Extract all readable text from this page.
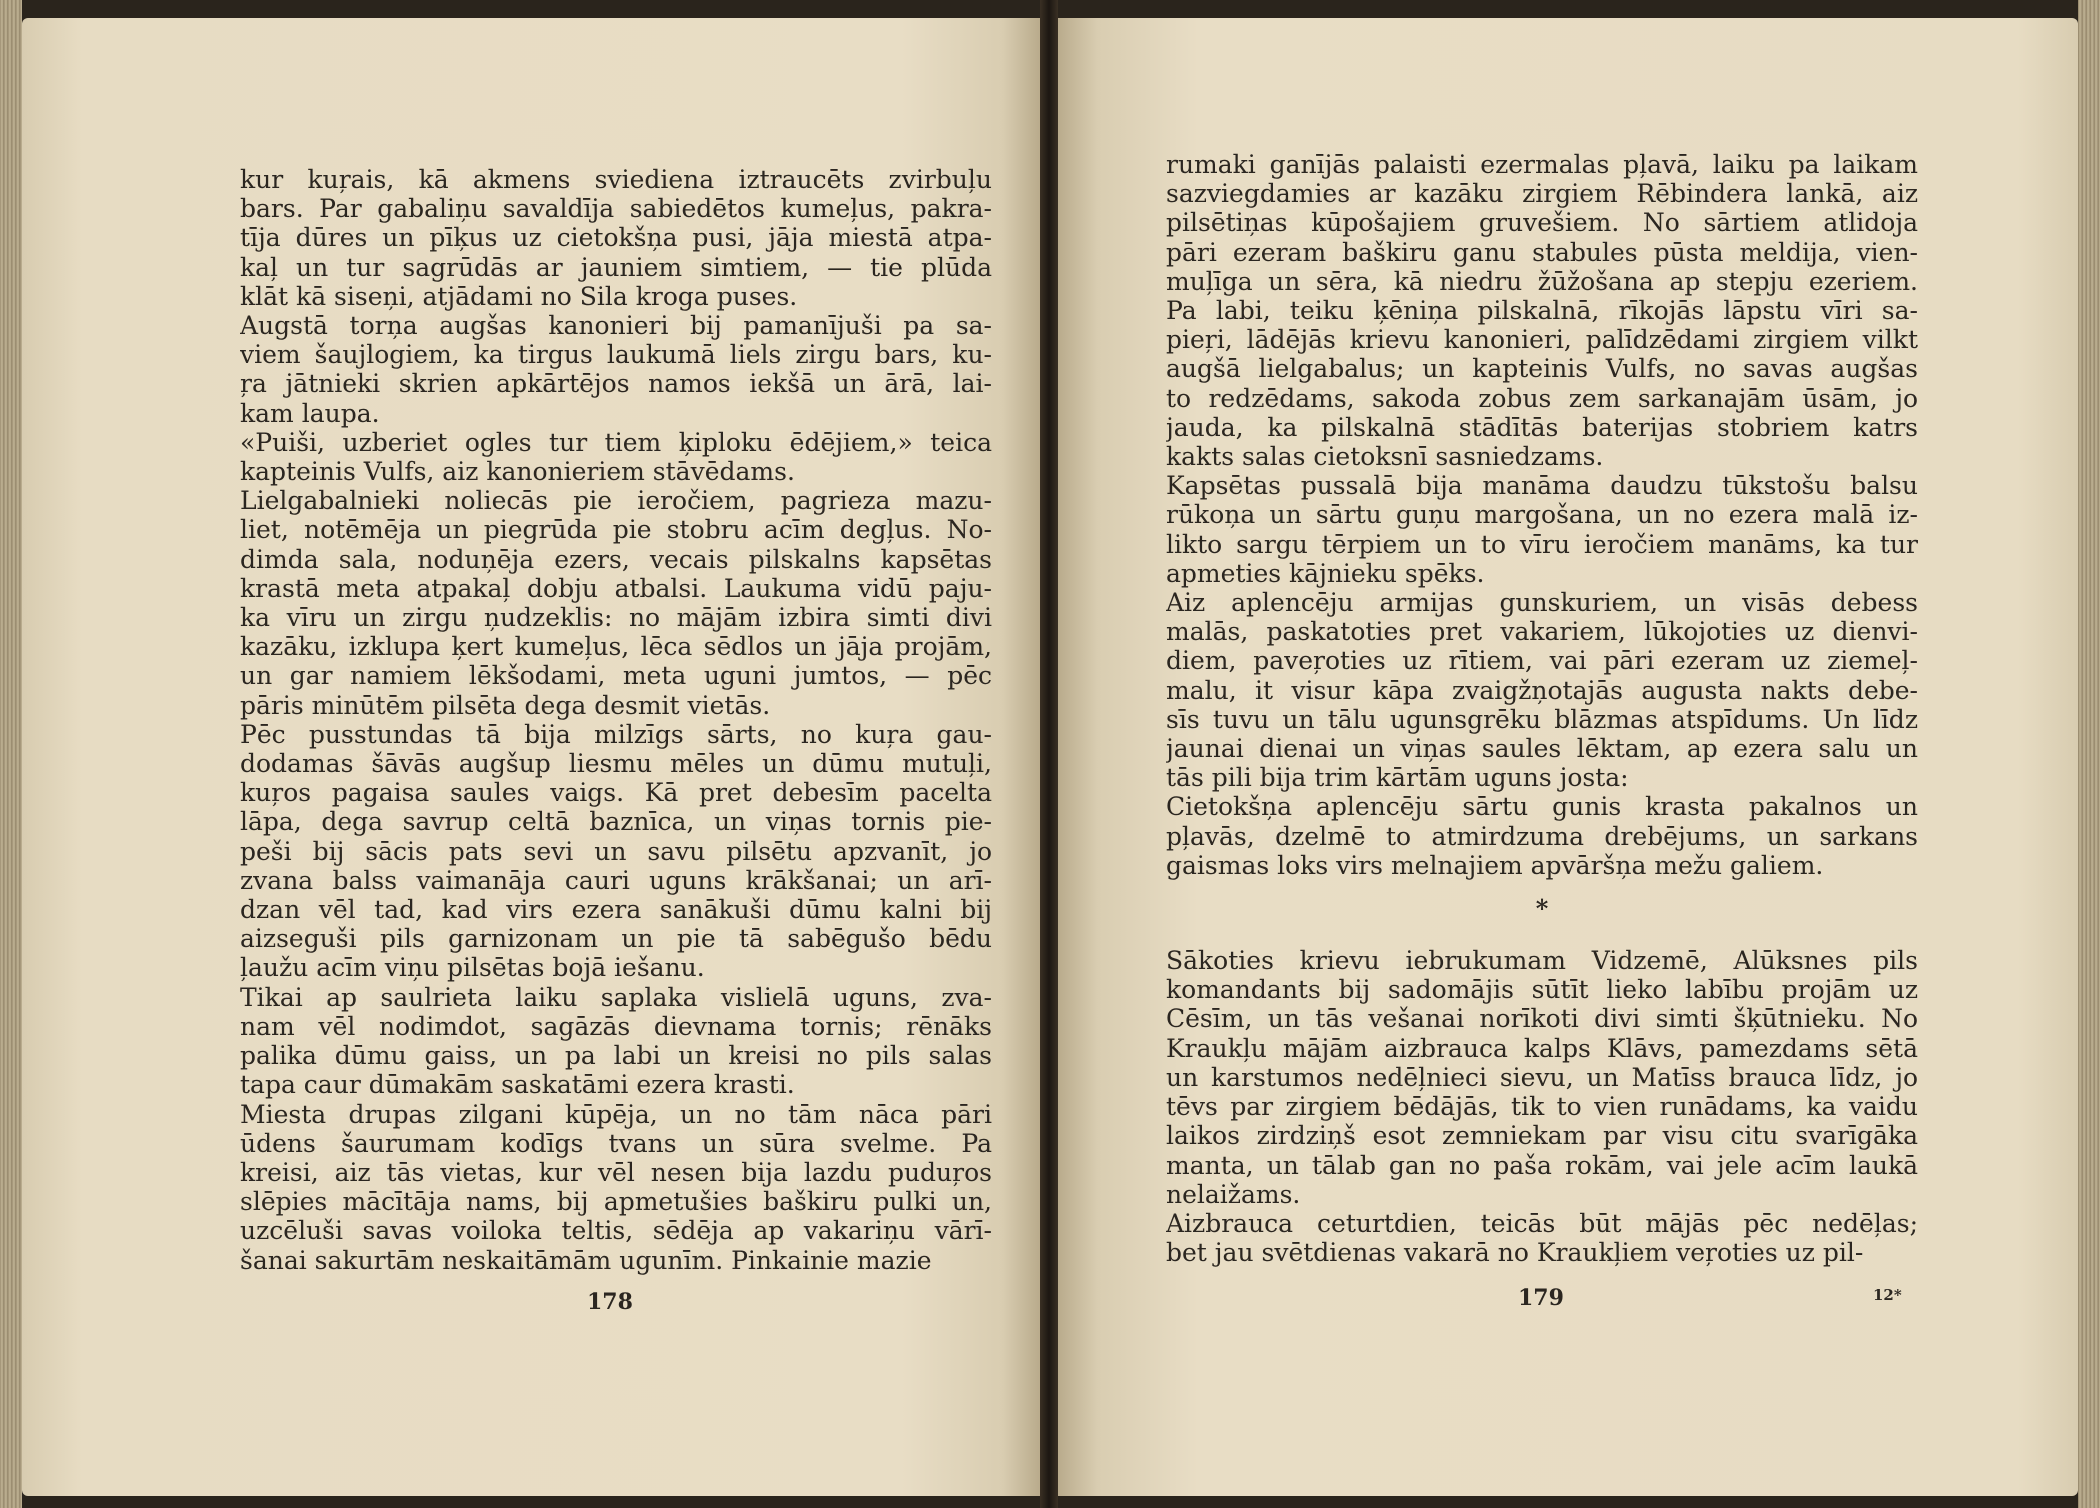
kur kuŗais, kā akmens sviediena iztraucēts zvirbuļu
bars. Par gabaliņu savaldīja sabiedētos kumeļus, pakra-
tīja dūres un pīķus uz cietokšņa pusi, jāja miestā atpa-
kaļ un tur sagrūdās ar jauniem simtiem, — tie plūda
klāt kā siseņi, atjādami no Sila kroga puses.
Augstā torņa augšas kanonieri bij pamanījuši pa sa-
viem šaujlogiem, ka tirgus laukumā liels zirgu bars, ku-
ŗa jātnieki skrien apkārtējos namos iekšā un ārā, lai-
kam laupa.
«Puiši, uzberiet ogles tur tiem ķiploku ēdējiem,» teica
kapteinis Vulfs, aiz kanonieriem stāvēdams.
Lielgabalnieki noliecās pie ieročiem, pagrieza mazu-
liet, notēmēja un piegrūda pie stobru acīm degļus. No-
dimda sala, noduņēja ezers, vecais pilskalns kapsētas
krastā meta atpakaļ dobju atbalsi. Laukuma vidū paju-
ka vīru un zirgu ņudzeklis: no mājām izbira simti divi
kazāku, izklupa ķert kumeļus, lēca sēdlos un jāja projām,
un gar namiem lēkšodami, meta uguni jumtos, — pēc
pāris minūtēm pilsēta dega desmit vietās.
Pēc pusstundas tā bija milzīgs sārts, no kuŗa gau-
dodamas šāvās augšup liesmu mēles un dūmu mutuļi,
kuŗos pagaisa saules vaigs. Kā pret debesīm pacelta
lāpa, dega savrup celtā baznīca, un viņas tornis pie-
peši bij sācis pats sevi un savu pilsētu apzvanīt, jo
zvana balss vaimanāja cauri uguns krākšanai; un arī-
dzan vēl tad, kad virs ezera sanākuši dūmu kalni bij
aizseguši pils garnizonam un pie tā sabēgušo bēdu
ļaužu acīm viņu pilsētas bojā iešanu.
Tikai ap saulrieta laiku saplaka vislielā uguns, zva-
nam vēl nodimdot, sagāzās dievnama tornis; rēnāks
palika dūmu gaiss, un pa labi un kreisi no pils salas
tapa caur dūmakām saskatāmi ezera krasti.
Miesta drupas zilgani kūpēja, un no tām nāca pāri
ūdens šaurumam kodīgs tvans un sūra svelme. Pa
kreisi, aiz tās vietas, kur vēl nesen bija lazdu puduŗos
slēpies mācītāja nams, bij apmetušies baškiru pulki un,
uzcēluši savas voiloka teltis, sēdēja ap vakariņu vārī-
šanai sakurtām neskaitāmām ugunīm. Pinkainie mazie
178
rumaki ganījās palaisti ezermalas pļavā, laiku pa laikam
sazviegdamies ar kazāku zirgiem Rēbindera lankā, aiz
pilsētiņas kūpošajiem gruvešiem. No sārtiem atlidoja
pāri ezeram baškiru ganu stabules pūsta meldija, vien-
muļīga un sēra, kā niedru žūžošana ap stepju ezeriem.
Pa labi, teiku ķēniņa pilskalnā, rīkojās lāpstu vīri sa-
pieŗi, lādējās krievu kanonieri, palīdzēdami zirgiem vilkt
augšā lielgabalus; un kapteinis Vulfs, no savas augšas
to redzēdams, sakoda zobus zem sarkanajām ūsām, jo
jauda, ka pilskalnā stādītās baterijas stobriem katrs
kakts salas cietoksnī sasniedzams.
Kapsētas pussalā bija manāma daudzu tūkstošu balsu
rūkoņa un sārtu guņu margošana, un no ezera malā iz-
likto sargu tērpiem un to vīru ieročiem manāms, ka tur
apmeties kājnieku spēks.
Aiz aplencēju armijas gunskuriem, un visās debess
malās, paskatoties pret vakariem, lūkojoties uz dienvi-
diem, paveŗoties uz rītiem, vai pāri ezeram uz ziemeļ-
malu, it visur kāpa zvaigžņotajās augusta nakts debe-
sīs tuvu un tālu ugunsgrēku blāzmas atspīdums. Un līdz
jaunai dienai un viņas saules lēktam, ap ezera salu un
tās pili bija trim kārtām uguns josta:
Cietokšņa aplencēju sārtu gunis krasta pakalnos un
pļavās, dzelmē to atmirdzuma drebējums, un sarkans
gaismas loks virs melnajiem apvāršņa mežu galiem.
*
Sākoties krievu iebrukumam Vidzemē, Alūksnes pils
komandants bij sadomājis sūtīt lieko labību projām uz
Cēsīm, un tās vešanai norīkoti divi simti šķūtnieku. No
Kraukļu mājām aizbrauca kalps Klāvs, pamezdams sētā
un karstumos nedēļnieci sievu, un Matīss brauca līdz, jo
tēvs par zirgiem bēdājās, tik to vien runādams, ka vaidu
laikos zirdziņš esot zemniekam par visu citu svarīgāka
manta, un tālab gan no paša rokām, vai jele acīm laukā
nelaižams.
Aizbrauca ceturtdien, teicās būt mājās pēc nedēļas;
bet jau svētdienas vakarā no Kraukļiem veŗoties uz pil-
179	12*
